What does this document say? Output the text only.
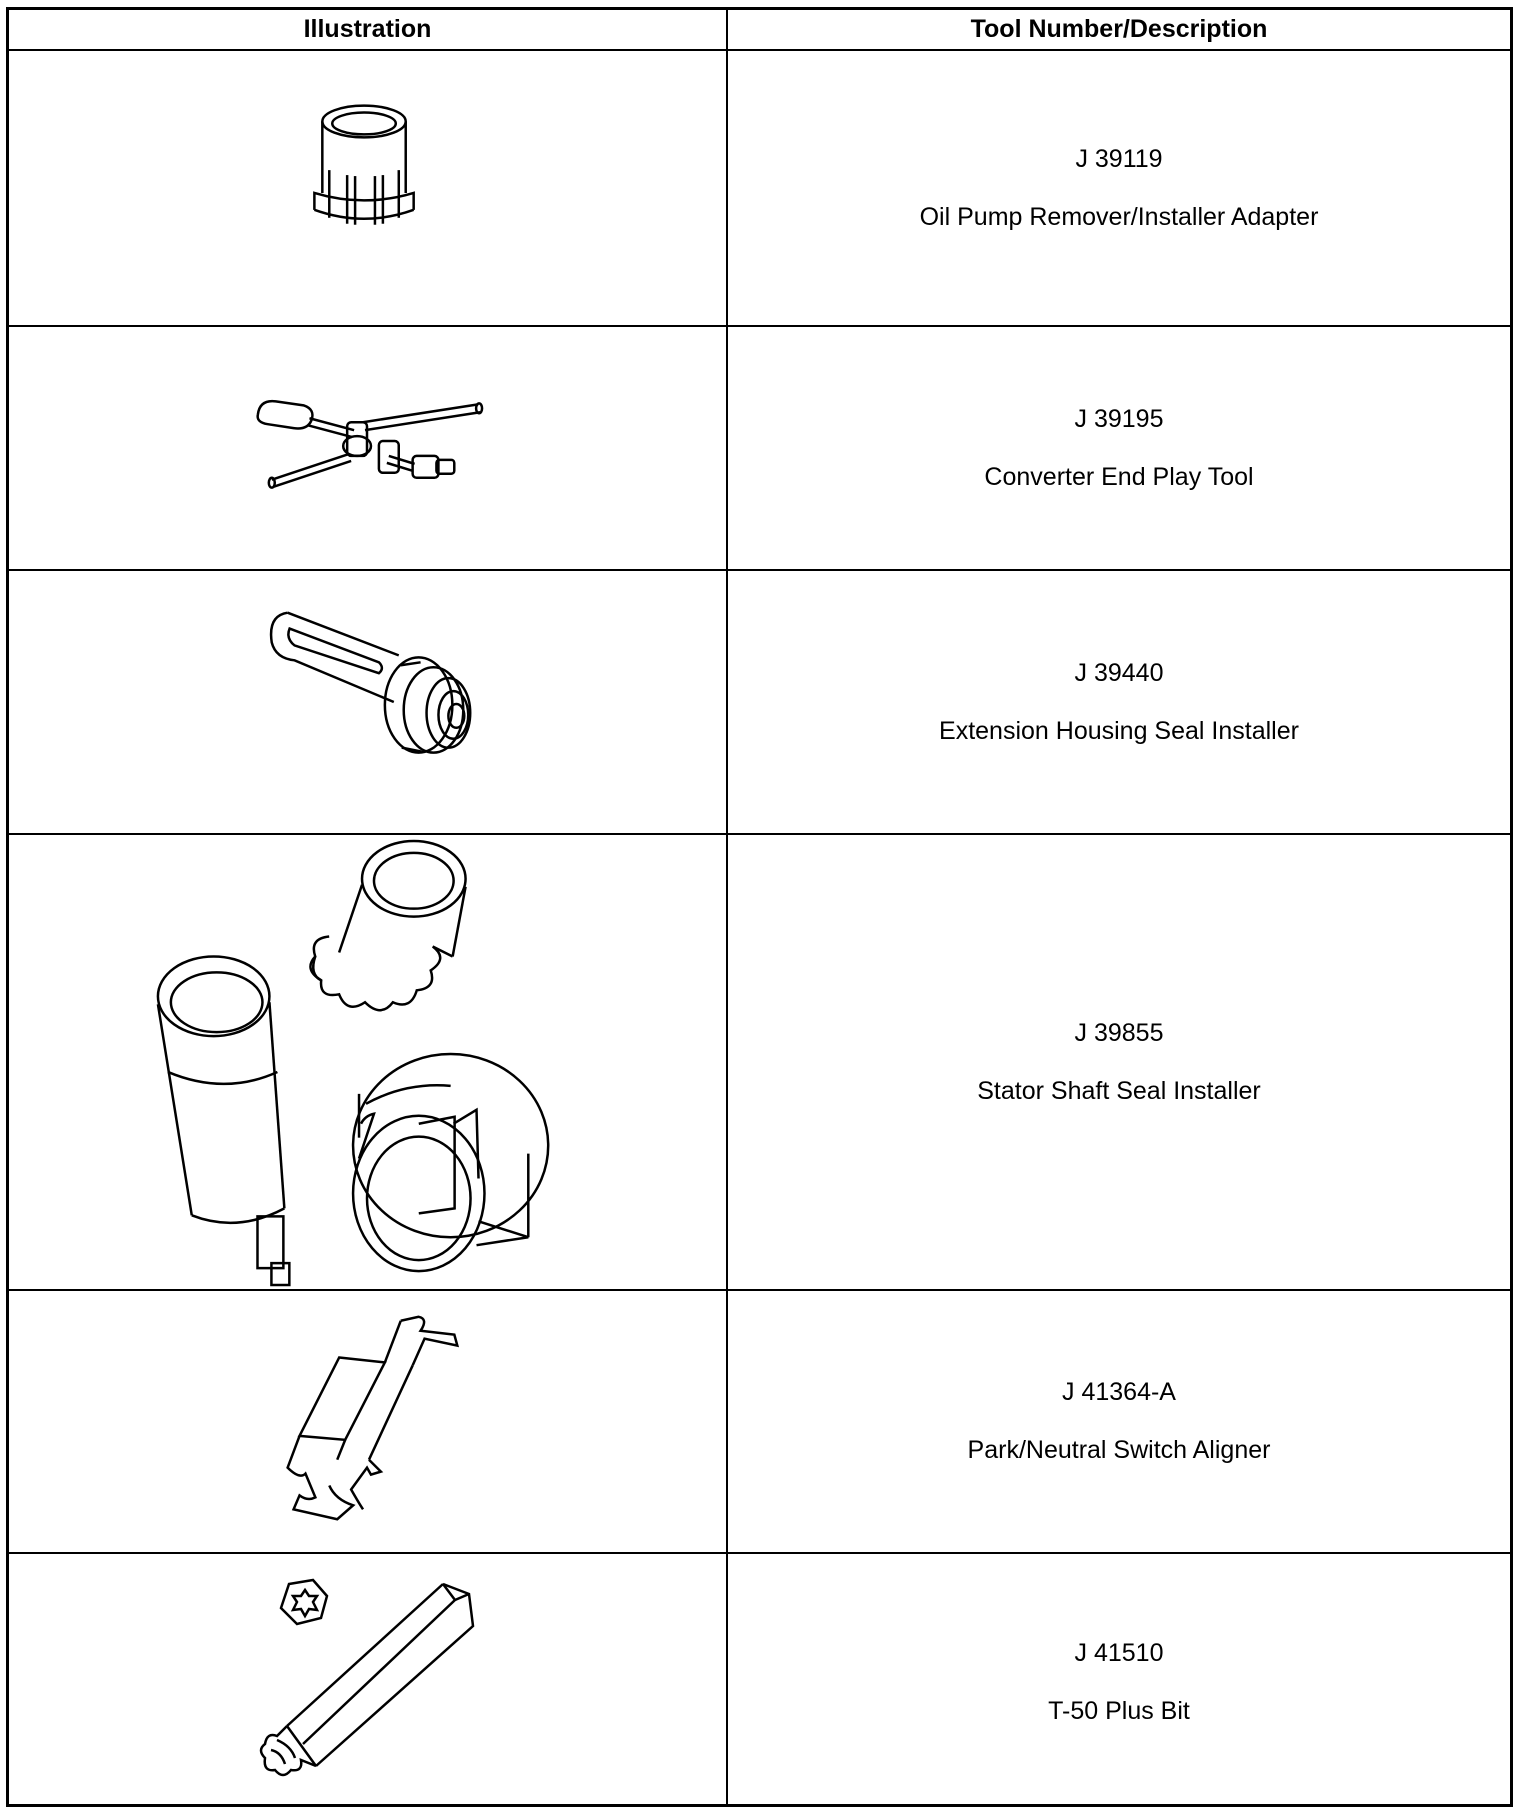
Illustration	Tool Number/Description
J 39119
Oil Pump Remover/Installer Adapter
J 39195
Converter End Play Tool
J 39440
Extension Housing Seal Installer
J 39855
Stator Shaft Seal Installer
J 41364-A
Park/Neutral Switch Aligner
J 41510
T-50 Plus Bit
